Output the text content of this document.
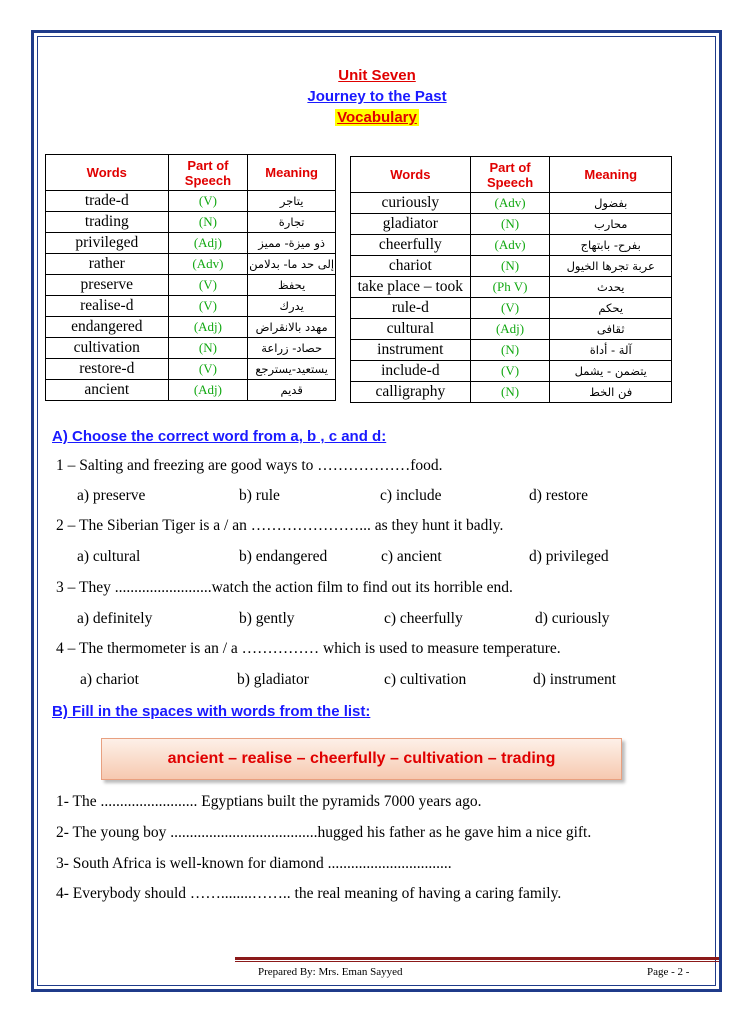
Unit Seven
Journey to the Past
Vocabulary
Words	Part of Speech	Meaning
trade-d	(V)	يتاجر
trading	(N)	تجارة
privileged	(Adj)	ذو ميزة- مميز
rather	(Adv)	إلى حد ما- بدلامن
preserve	(V)	يحفظ
realise-d	(V)	يدرك
endangered	(Adj)	مهدد بالانقراض
cultivation	(N)	حصاد- زراعة
restore-d	(V)	يستعيد-يسترجع
ancient	(Adj)	قديم
Words	Part of Speech	Meaning
curiously	(Adv)	بفضول
gladiator	(N)	محارب
cheerfully	(Adv)	بفرح- بابتهاج
chariot	(N)	عربة تجرها الخيول
take place – took	(Ph V)	يحدث
rule-d	(V)	يحكم
cultural	(Adj)	ثقافى
instrument	(N)	آلة - أداة
include-d	(V)	يتضمن - يشمل
calligraphy	(N)	فن الخط
A) Choose the correct word from a, b , c and d:
1 – Salting and freezing are good ways to ………………food.
a) preserve	b) rule	c) include	d) restore
2 – The Siberian Tiger is a / an …………………... as they hunt it badly.
a) cultural	b) endangered	c) ancient	d) privileged
3 – They .........................watch the action film to find out its horrible end.
a) definitely	b) gently	c) cheerfully	d) curiously
4 – The thermometer is an / a …………… which is used to measure temperature.
a) chariot	b) gladiator	c) cultivation	d) instrument
B) Fill in the spaces with words from the list:
ancient – realise – cheerfully – cultivation – trading
1- The ......................... Egyptians built the pyramids 7000 years ago.
2- The young boy ......................................hugged his father as he gave him a nice gift.
3- South Africa is well-known for diamond ................................
4- Everybody should ……........…….. the real meaning of having a caring family.
Prepared By: Mrs. Eman Sayyed	Page - 2 -
